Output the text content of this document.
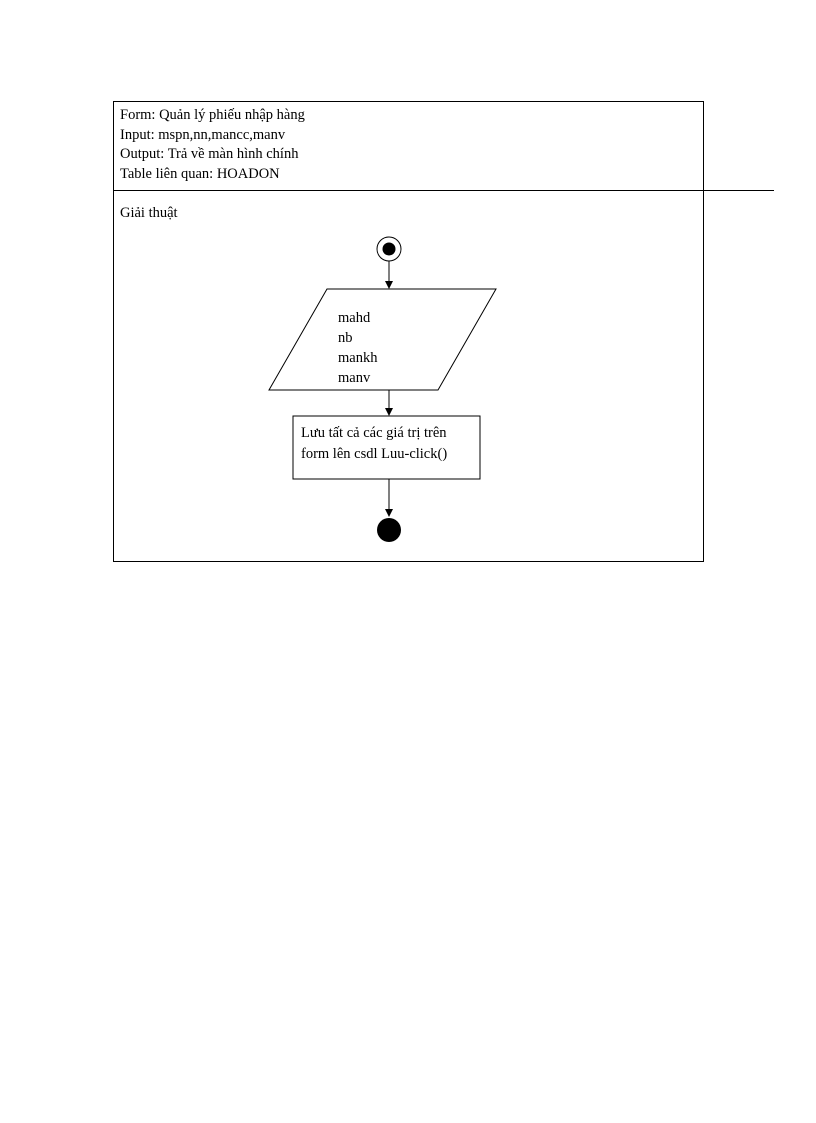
Form: Quản lý phiếu nhập hàng
Input: mspn,nn,mancc,manv
Output: Trả về màn hình chính
Table liên quan: HOADON
Giải thuật
mahd
nb
mankh
manv
Lưu tất cả các giá trị trên
form lên csdl Luu-click()
